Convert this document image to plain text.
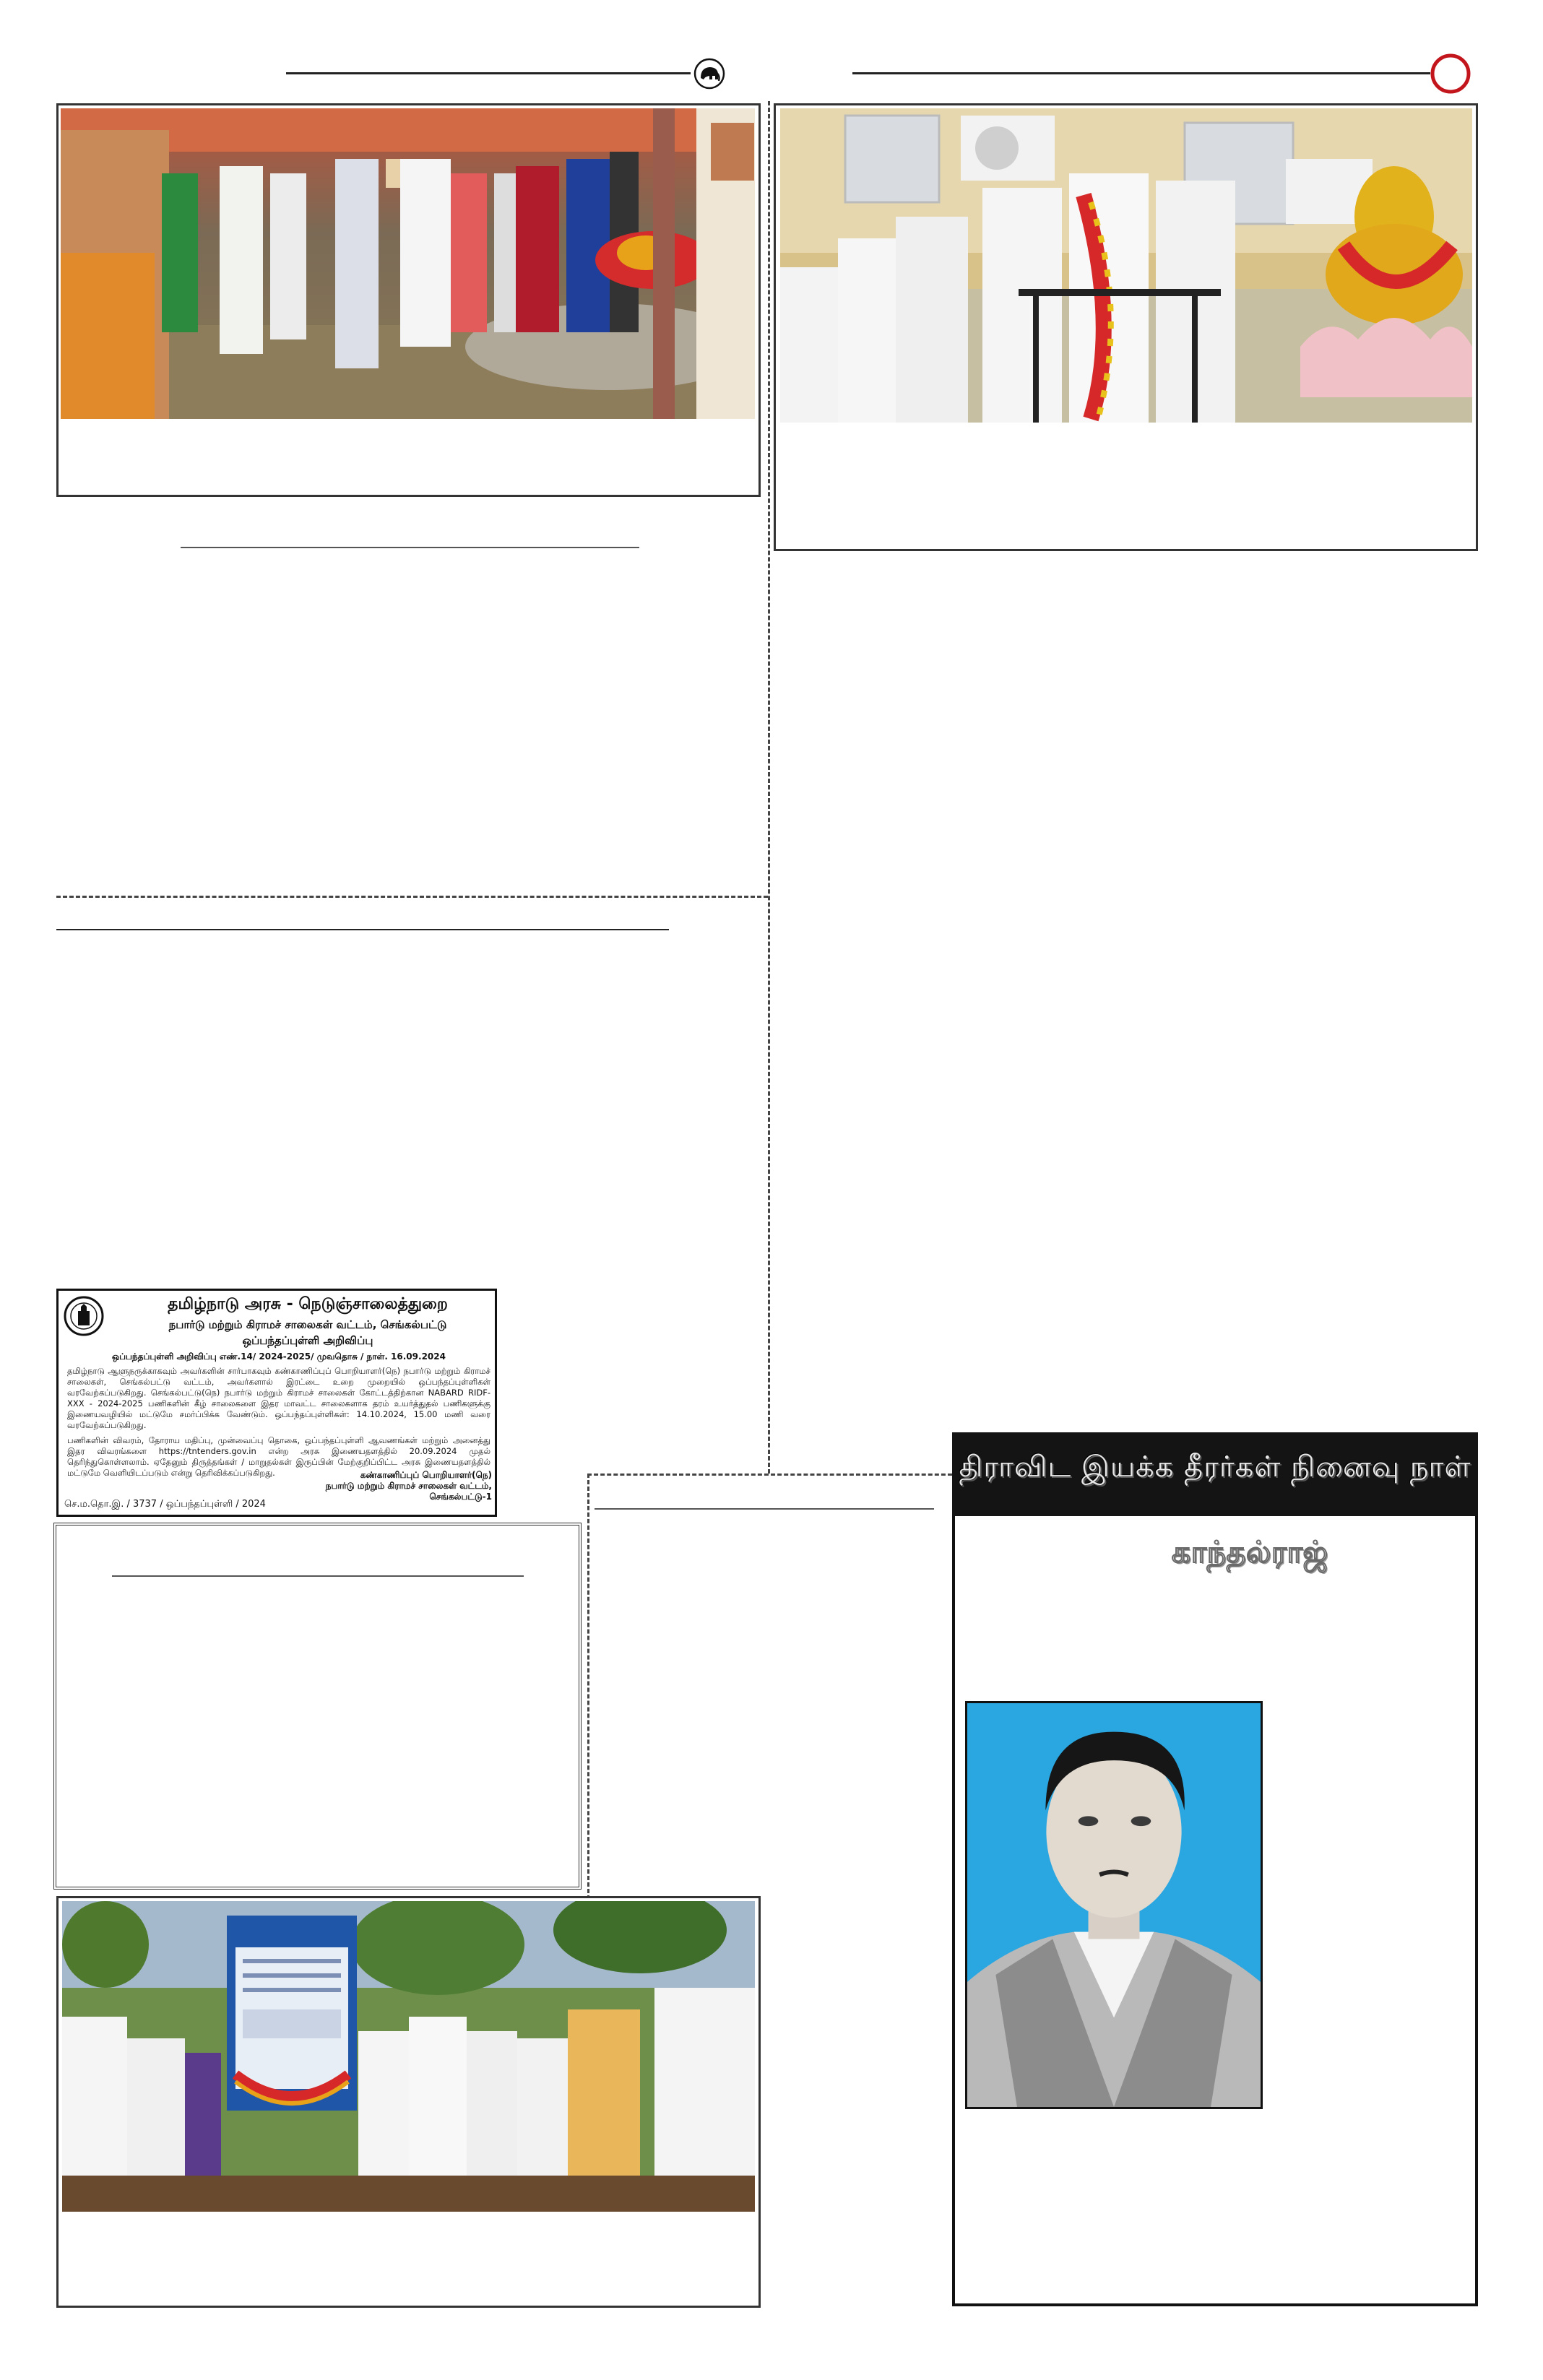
தமிழ்நாடு அரசு - நெடுஞ்சாலைத்துறை
நபார்டு மற்றும் கிராமச் சாலைகள் வட்டம், செங்கல்பட்டு
ஒப்பந்தப்புள்ளி அறிவிப்பு
ஒப்பந்தப்புள்ளி அறிவிப்பு எண்.14/ 2024-2025/ முவதொசு / நாள். 16.09.2024
தமிழ்நாடு ஆளுநருக்காகவும் அவர்களின் சார்பாகவும் கண்காணிப்புப் பொறியாளர்(நெ) நபார்டு மற்றும் கிராமச் சாலைகள், செங்கல்பட்டு வட்டம், அவர்களால் இரட்டை உறை முறையில் ஒப்பந்தப்புள்ளிகள் வரவேற்கப்படுகிறது. செங்கல்பட்டு(நெ) நபார்டு மற்றும் கிராமச் சாலைகள் கோட்டத்திற்கான NABARD RIDF-XXX - 2024-2025 பணிகளின் கீழ் சாலைகளை இதர மாவட்ட சாலைகளாக தரம் உயர்த்துதல் பணிகளுக்கு இணையவழியில் மட்டுமே சமர்ப்பிக்க வேண்டும். ஒப்பந்தப்புள்ளிகள்: 14.10.2024, 15.00 மணி வரை வரவேற்கப்படுகிறது.
பணிகளின் விவரம், தோராய மதிப்பு, முன்வைப்பு தொகை, ஒப்பந்தப்புள்ளி ஆவணங்கள் மற்றும் அனைத்து இதர விவரங்களை https://tntenders.gov.in என்ற அரசு இணையதளத்தில் 20.09.2024 முதல் தெரிந்துகொள்ளலாம். ஏதேனும் திருத்தங்கள் / மாறுதல்கள் இருப்பின் மேற்குறிப்பிட்ட அரசு இணையதளத்தில் மட்டுமே வெளியிடப்படும் என்று தெரிவிக்கப்படுகிறது.	கண்காணிப்புப் பொறியாளர்(நெ)
நபார்டு மற்றும் கிராமச் சாலைகள் வட்டம்,
செங்கல்பட்டு-1
செ.ம.தொ.இ. / 3737 / ஒப்பந்தப்புள்ளி / 2024
திராவிட இயக்க தீரர்கள் நினைவு நாள்
காந்தல்ராஜ்
